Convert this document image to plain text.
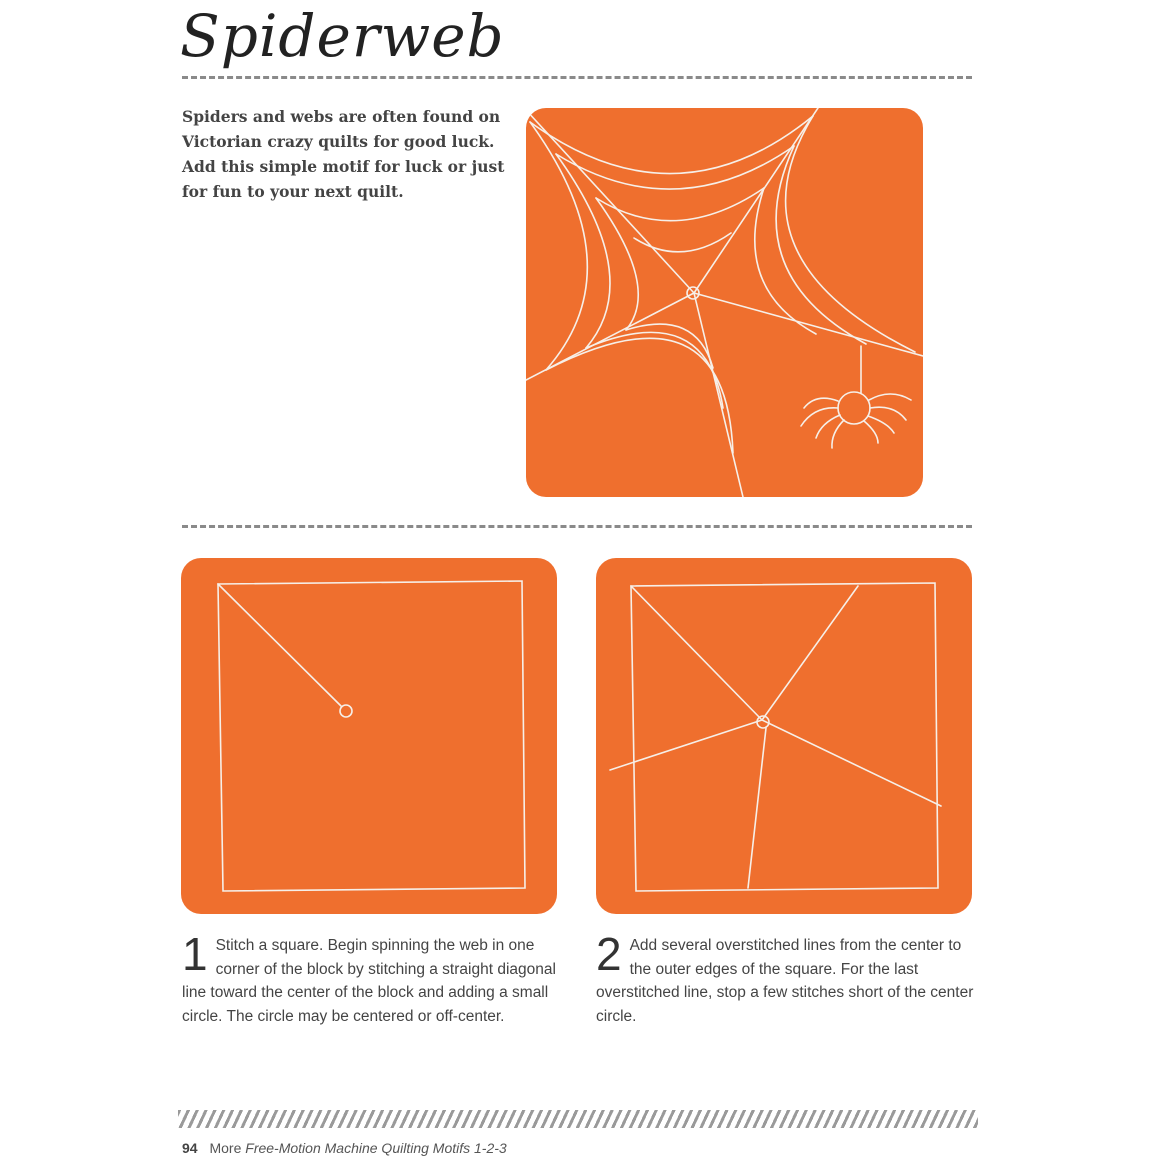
Spiderweb

Spiders and webs are often found on Victorian crazy quilts for good luck. Add this simple motif for luck or just for fun to your next quilt.

1 Stitch a square. Begin spinning the web in one corner of the block by stitching a straight diagonal line toward the center of the block and adding a small circle. The circle may be centered or off-center.
2 Add several overstitched lines from the center to the outer edges of the square. For the last overstitched line, stop a few stitches short of the center circle.
94 More Free-Motion Machine Quilting Motifs 1-2-3
